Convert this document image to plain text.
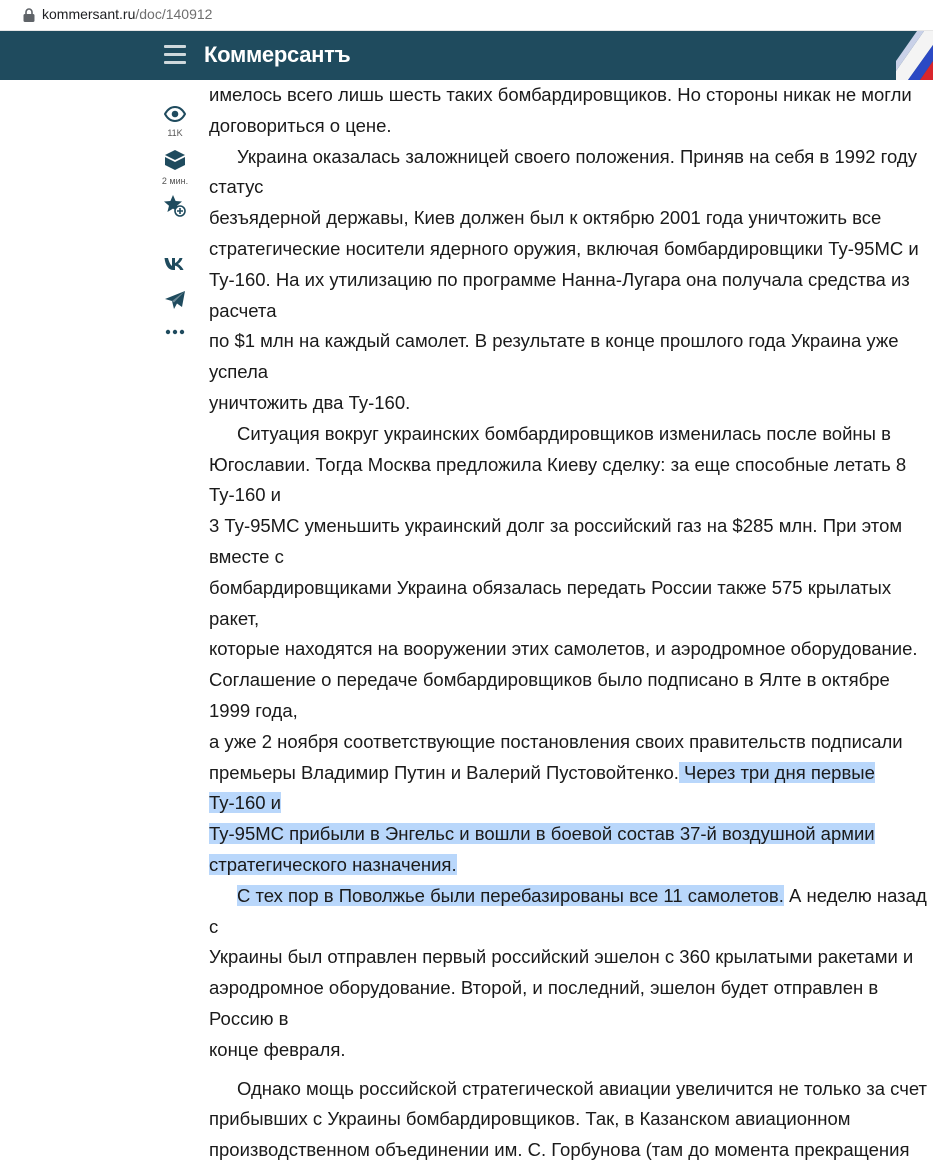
kommersant.ru/doc/140912
Коммерсантъ
11K
2 мин.

имелось всего лишь шесть таких бомбардировщиков. Но стороны никак не могли
договориться о цене.

Украина оказалась заложницей своего положения. Приняв на себя в 1992 году статус
безъядерной державы, Киев должен был к октябрю 2001 года уничтожить все
стратегические носители ядерного оружия, включая бомбардировщики Ту-95МС и
Ту-160. На их утилизацию по программе Нанна-Лугара она получала средства из расчета
по $1 млн на каждый самолет. В результате в конце прошлого года Украина уже успела
уничтожить два Ту-160.

Ситуация вокруг украинских бомбардировщиков изменилась после войны в
Югославии. Тогда Москва предложила Киеву сделку: за еще способные летать 8 Ту-160 и
3 Ту-95МС уменьшить украинский долг за российский газ на $285 млн. При этом вместе с
бомбардировщиками Украина обязалась передать России также 575 крылатых ракет,
которые находятся на вооружении этих самолетов, и аэродромное оборудование.
Соглашение о передаче бомбардировщиков было подписано в Ялте в октябре 1999 года,
а уже 2 ноября соответствующие постановления своих правительств подписали
премьеры Владимир Путин и Валерий Пустовойтенко. Через три дня первые Ту-160 и
Ту-95МС прибыли в Энгельс и вошли в боевой состав 37-й воздушной армии
стратегического назначения.

С тех пор в Поволжье были перебазированы все 11 самолетов. А неделю назад с
Украины был отправлен первый российский эшелон с 360 крылатыми ракетами и
аэродромное оборудование. Второй, и последний, эшелон будет отправлен в Россию в
конце февраля.

Однако мощь российской стратегической авиации увеличится не только за счет
прибывших с Украины бомбардировщиков. Так, в Казанском авиационном
производственном объединении им. С. Горбунова (там до момента прекращения
